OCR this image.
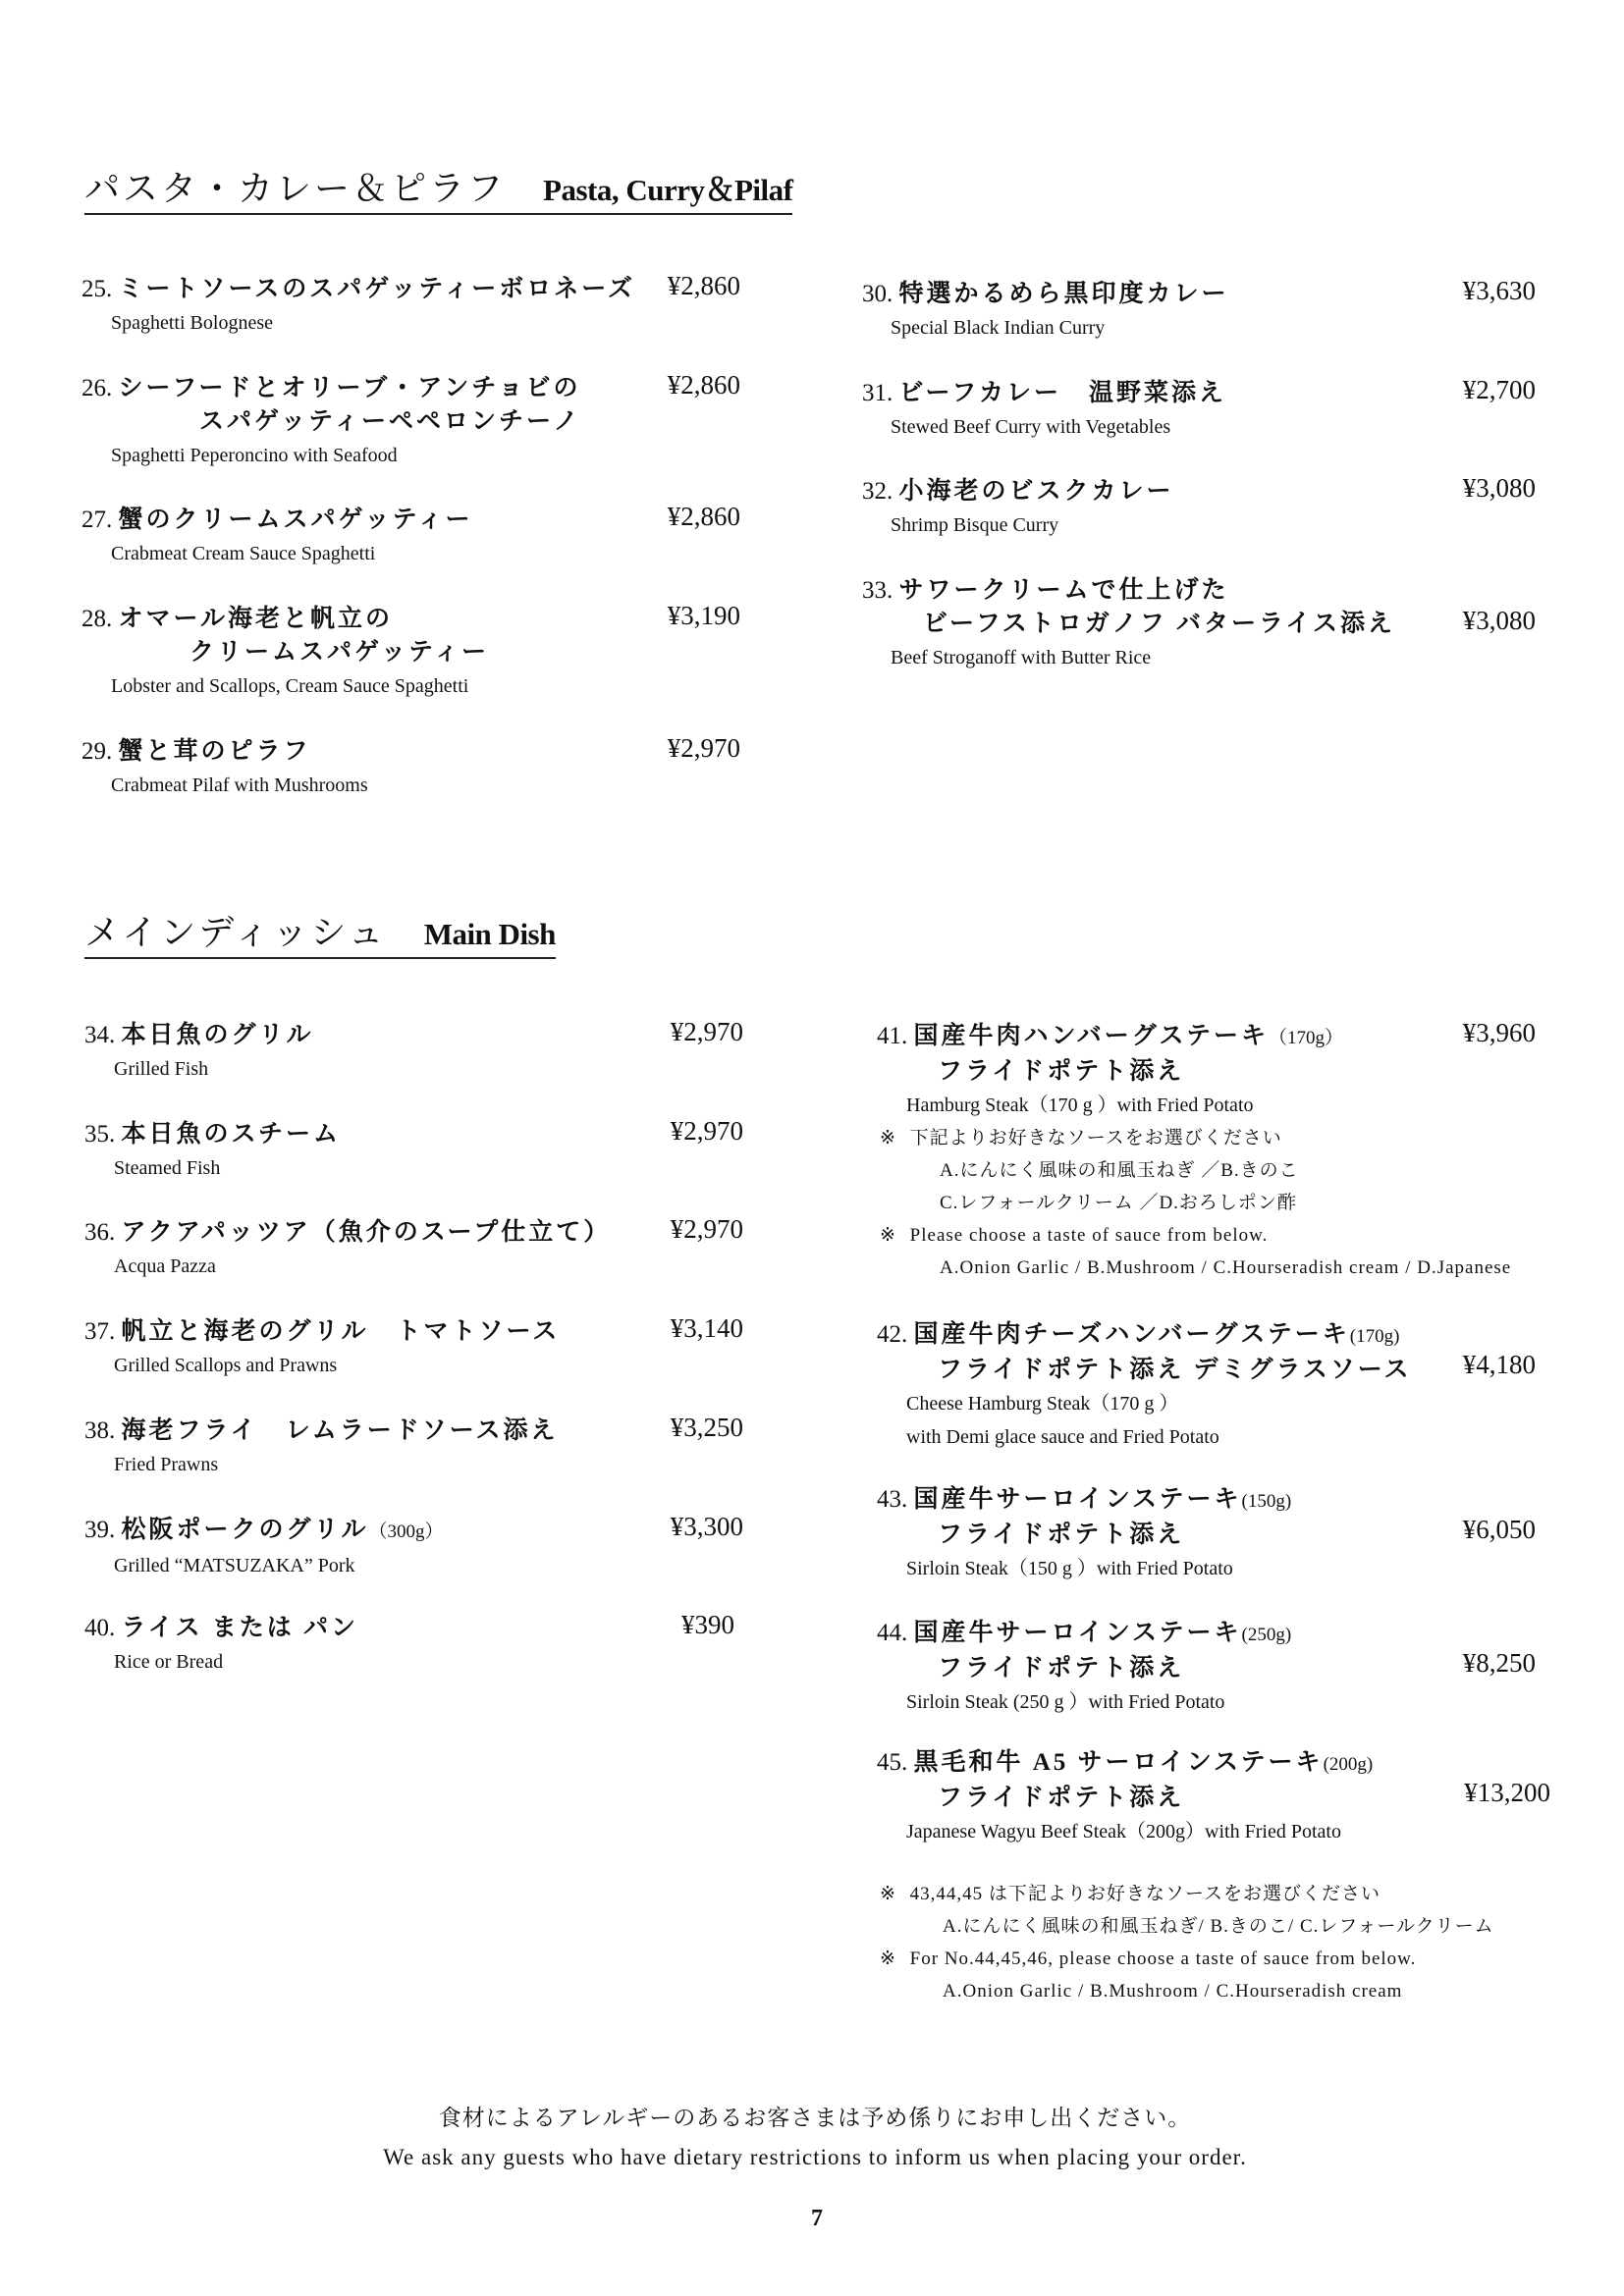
パスタ・カレー＆ピラフ Pasta, Curry＆Pilaf
メインディッシュ Main Dish
25. ミートソースのスパゲッティーボロネーズ
Spaghetti Bolognese
¥2,860
26. シーフードとオリーブ・アンチョビの
スパゲッティーペペロンチーノ
Spaghetti Peperoncino with Seafood
¥2,860
27. 蟹のクリームスパゲッティー
Crabmeat Cream Sauce Spaghetti
¥2,860
28. オマール海老と帆立の
クリームスパゲッティー
Lobster and Scallops, Cream Sauce Spaghetti
¥3,190
29. 蟹と茸のピラフ
Crabmeat Pilaf with Mushrooms
¥2,970
30. 特選かるめら黒印度カレー
Special Black Indian Curry
¥3,630
31. ビーフカレー　温野菜添え
Stewed Beef Curry with Vegetables
¥2,700
32. 小海老のビスクカレー
Shrimp Bisque Curry
¥3,080
33. サワークリームで仕上げた
ビーフストロガノフ バターライス添え
Beef Stroganoff with Butter Rice
¥3,080
34. 本日魚のグリル
Grilled Fish
¥2,970
35. 本日魚のスチーム
Steamed Fish
¥2,970
36. アクアパッツア（魚介のスープ仕立て）
Acqua Pazza
¥2,970
37. 帆立と海老のグリル　トマトソース
Grilled Scallops and Prawns
¥3,140
38. 海老フライ　レムラードソース添え
Fried Prawns
¥3,250
39. 松阪ポークのグリル（300g）
Grilled “MATSUZAKA” Pork
¥3,300
40. ライス または パン
Rice or Bread
¥390
41. 国産牛肉ハンバーグステーキ（170g）
フライドポテト添え
Hamburg Steak（170 g ）with Fried Potato
※ 下記よりお好きなソースをお選びください
A.にんにく風味の和風玉ねぎ ／B.きのこ
C.レフォールクリーム ／D.おろしポン酢
※ Please choose a taste of sauce from below.
A.Onion Garlic / B.Mushroom / C.Hourseradish cream / D.Japanese
¥3,960
42. 国産牛肉チーズハンバーグステーキ(170g)
フライドポテト添え デミグラスソース
Cheese Hamburg Steak（170 g ）
with Demi glace sauce and Fried Potato
¥4,180
43. 国産牛サーロインステーキ(150g)
フライドポテト添え
Sirloin Steak（150 g ）with Fried Potato
¥6,050
44. 国産牛サーロインステーキ(250g)
フライドポテト添え
Sirloin Steak (250 g ）with Fried Potato
¥8,250
45. 黒毛和牛 A5 サーロインステーキ(200g)
フライドポテト添え
Japanese Wagyu Beef Steak（200g）with Fried Potato
¥13,200
※ 43,44,45 は下記よりお好きなソースをお選びください
A.にんにく風味の和風玉ねぎ/ B.きのこ/ C.レフォールクリーム
※ For No.44,45,46, please choose a taste of sauce from below.
A.Onion Garlic / B.Mushroom / C.Hourseradish cream
食材によるアレルギーのあるお客さまは予め係りにお申し出ください。
We ask any guests who have dietary restrictions to inform us when placing your order.
7
